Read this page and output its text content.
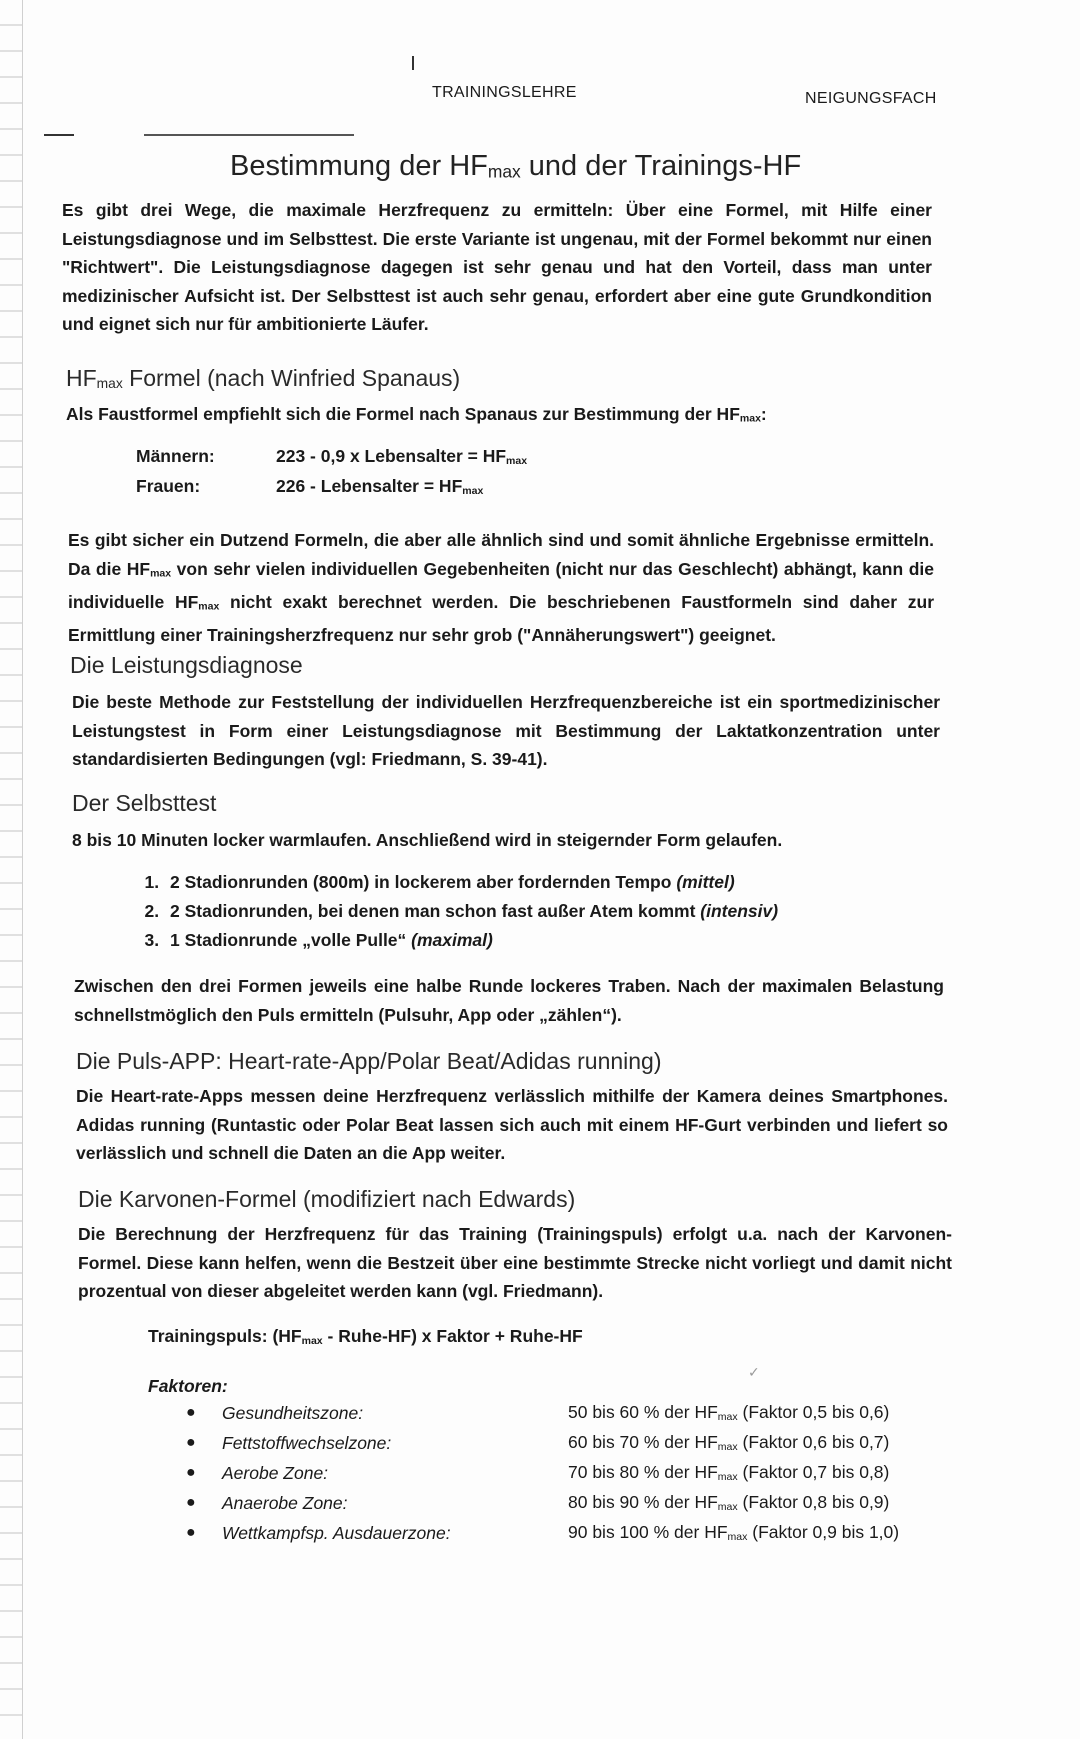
TRAININGSLEHRE	NEIGUNGSFACH
Bestimmung der $HF_{max}$ und der Trainings-HF
Es gibt drei Wege, die maximale Herzfrequenz zu ermitteln: Über eine Formel, mit Hilfe einer Leistungsdiagnose und im Selbsttest. Die erste Variante ist ungenau, mit der Formel bekommt nur einen "Richtwert". Die Leistungsdiagnose dagegen ist sehr genau und hat den Vorteil, dass man unter medizinischer Aufsicht ist. Der Selbsttest ist auch sehr genau, erfordert aber eine gute Grundkondition und eignet sich nur für ambitionierte Läufer.
$HF_{max}$ Formel (nach Winfried Spanaus)
Als Faustformel empfiehlt sich die Formel nach Spanaus zur Bestimmung der $HF_{max}$:
Männern:	223 - 0,9 x Lebensalter = $HF_{max}$
Frauen:	226 - Lebensalter = $HF_{max}$
Es gibt sicher ein Dutzend Formeln, die aber alle ähnlich sind und somit ähnliche Ergebnisse ermitteln. Da die $HF_{max}$ von sehr vielen individuellen Gegebenheiten (nicht nur das Geschlecht) abhängt, kann die individuelle $HF_{max}$ nicht exakt berechnet werden. Die beschriebenen Faustformeln sind daher zur Ermittlung einer Trainingsherzfrequenz nur sehr grob ("Annäherungswert") geeignet.
Die Leistungsdiagnose
Die beste Methode zur Feststellung der individuellen Herzfrequenzbereiche ist ein sportmedizinischer Leistungstest in Form einer Leistungsdiagnose mit Bestimmung der Laktatkonzentration unter standardisierten Bedingungen (vgl: Friedmann, S. 39-41).
Der Selbsttest
8 bis 10 Minuten locker warmlaufen. Anschließend wird in steigernder Form gelaufen.
1. 2 Stadionrunden (800m) in lockerem aber fordernden Tempo (mittel)
2. 2 Stadionrunden, bei denen man schon fast außer Atem kommt (intensiv)
3. 1 Stadionrunde „volle Pulle“ (maximal)
Zwischen den drei Formen jeweils eine halbe Runde lockeres Traben. Nach der maximalen Belastung schnellstmöglich den Puls ermitteln (Pulsuhr, App oder „zählen“).
Die Puls-APP: Heart-rate-App/Polar Beat/Adidas running)
Die Heart-rate-Apps messen deine Herzfrequenz verlässlich mithilfe der Kamera deines Smartphones. Adidas running (Runtastic oder Polar Beat lassen sich auch mit einem HF-Gurt verbinden und liefert so verlässlich und schnell die Daten an die App weiter.
Die Karvonen-Formel (modifiziert nach Edwards)
Die Berechnung der Herzfrequenz für das Training (Trainingspuls) erfolgt u.a. nach der Karvonen-Formel. Diese kann helfen, wenn die Bestzeit über eine bestimmte Strecke nicht vorliegt und damit nicht prozentual von dieser abgeleitet werden kann (vgl. Friedmann).
Trainingspuls: ($HF_{max}$ - Ruhe-HF) x Faktor + Ruhe-HF
✓
Faktoren:
●	Gesundheitszone:	50 bis 60 % der $HF_{max}$ (Faktor 0,5 bis 0,6)
●	Fettstoffwechselzone:	60 bis 70 % der $HF_{max}$ (Faktor 0,6 bis 0,7)
●	Aerobe Zone:	70 bis 80 % der $HF_{max}$ (Faktor 0,7 bis 0,8)
●	Anaerobe Zone:	80 bis 90 % der $HF_{max}$ (Faktor 0,8 bis 0,9)
●	Wettkampfsp. Ausdauerzone:	90 bis 100 % der $HF_{max}$ (Faktor 0,9 bis 1,0)
